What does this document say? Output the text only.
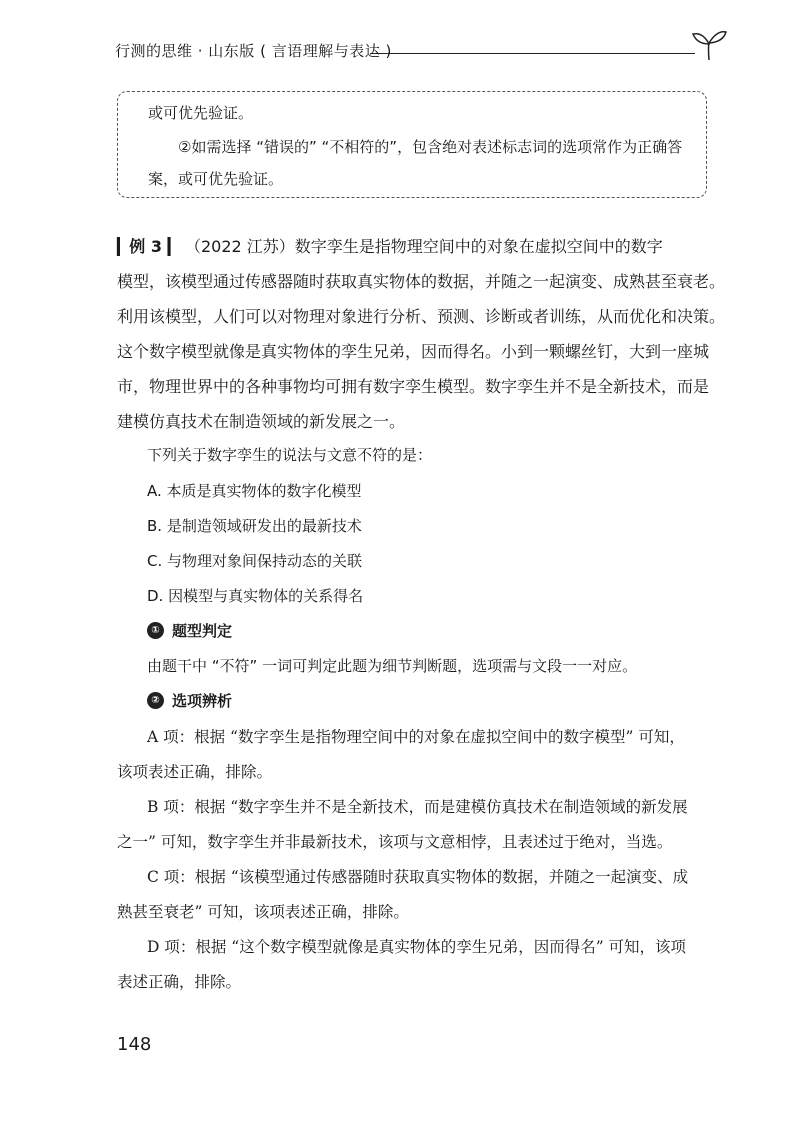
行测的思维 · 山东版 ( 言语理解与表达 )
或可优先验证。
②如需选择 “错误的” “不相符的”，包含绝对表述标志词的选项常作为正确答
案，或可优先验证。
▎例 3 ▎ （2022 江苏）数字孪生是指物理空间中的对象在虚拟空间中的数字
模型，该模型通过传感器随时获取真实物体的数据，并随之一起演变、成熟甚至衰老。
利用该模型，人们可以对物理对象进行分析、预测、诊断或者训练，从而优化和决策。
这个数字模型就像是真实物体的孪生兄弟，因而得名。小到一颗螺丝钉，大到一座城
市，物理世界中的各种事物均可拥有数字孪生模型。数字孪生并不是全新技术，而是
建模仿真技术在制造领域的新发展之一。
下列关于数字孪生的说法与文意不符的是：
A. 本质是真实物体的数字化模型
B. 是制造领域研发出的最新技术
C. 与物理对象间保持动态的关联
D. 因模型与真实物体的关系得名
① 题型判定
由题干中 “不符” 一词可判定此题为细节判断题，选项需与文段一一对应。
② 选项辨析
A 项：根据 “数字孪生是指物理空间中的对象在虚拟空间中的数字模型” 可知，
该项表述正确，排除。
B 项：根据 “数字孪生并不是全新技术，而是建模仿真技术在制造领域的新发展
之一” 可知，数字孪生并非最新技术，该项与文意相悖，且表述过于绝对，当选。
C 项：根据 “该模型通过传感器随时获取真实物体的数据，并随之一起演变、成
熟甚至衰老” 可知，该项表述正确，排除。
D 项：根据 “这个数字模型就像是真实物体的孪生兄弟，因而得名” 可知，该项
表述正确，排除。
148
